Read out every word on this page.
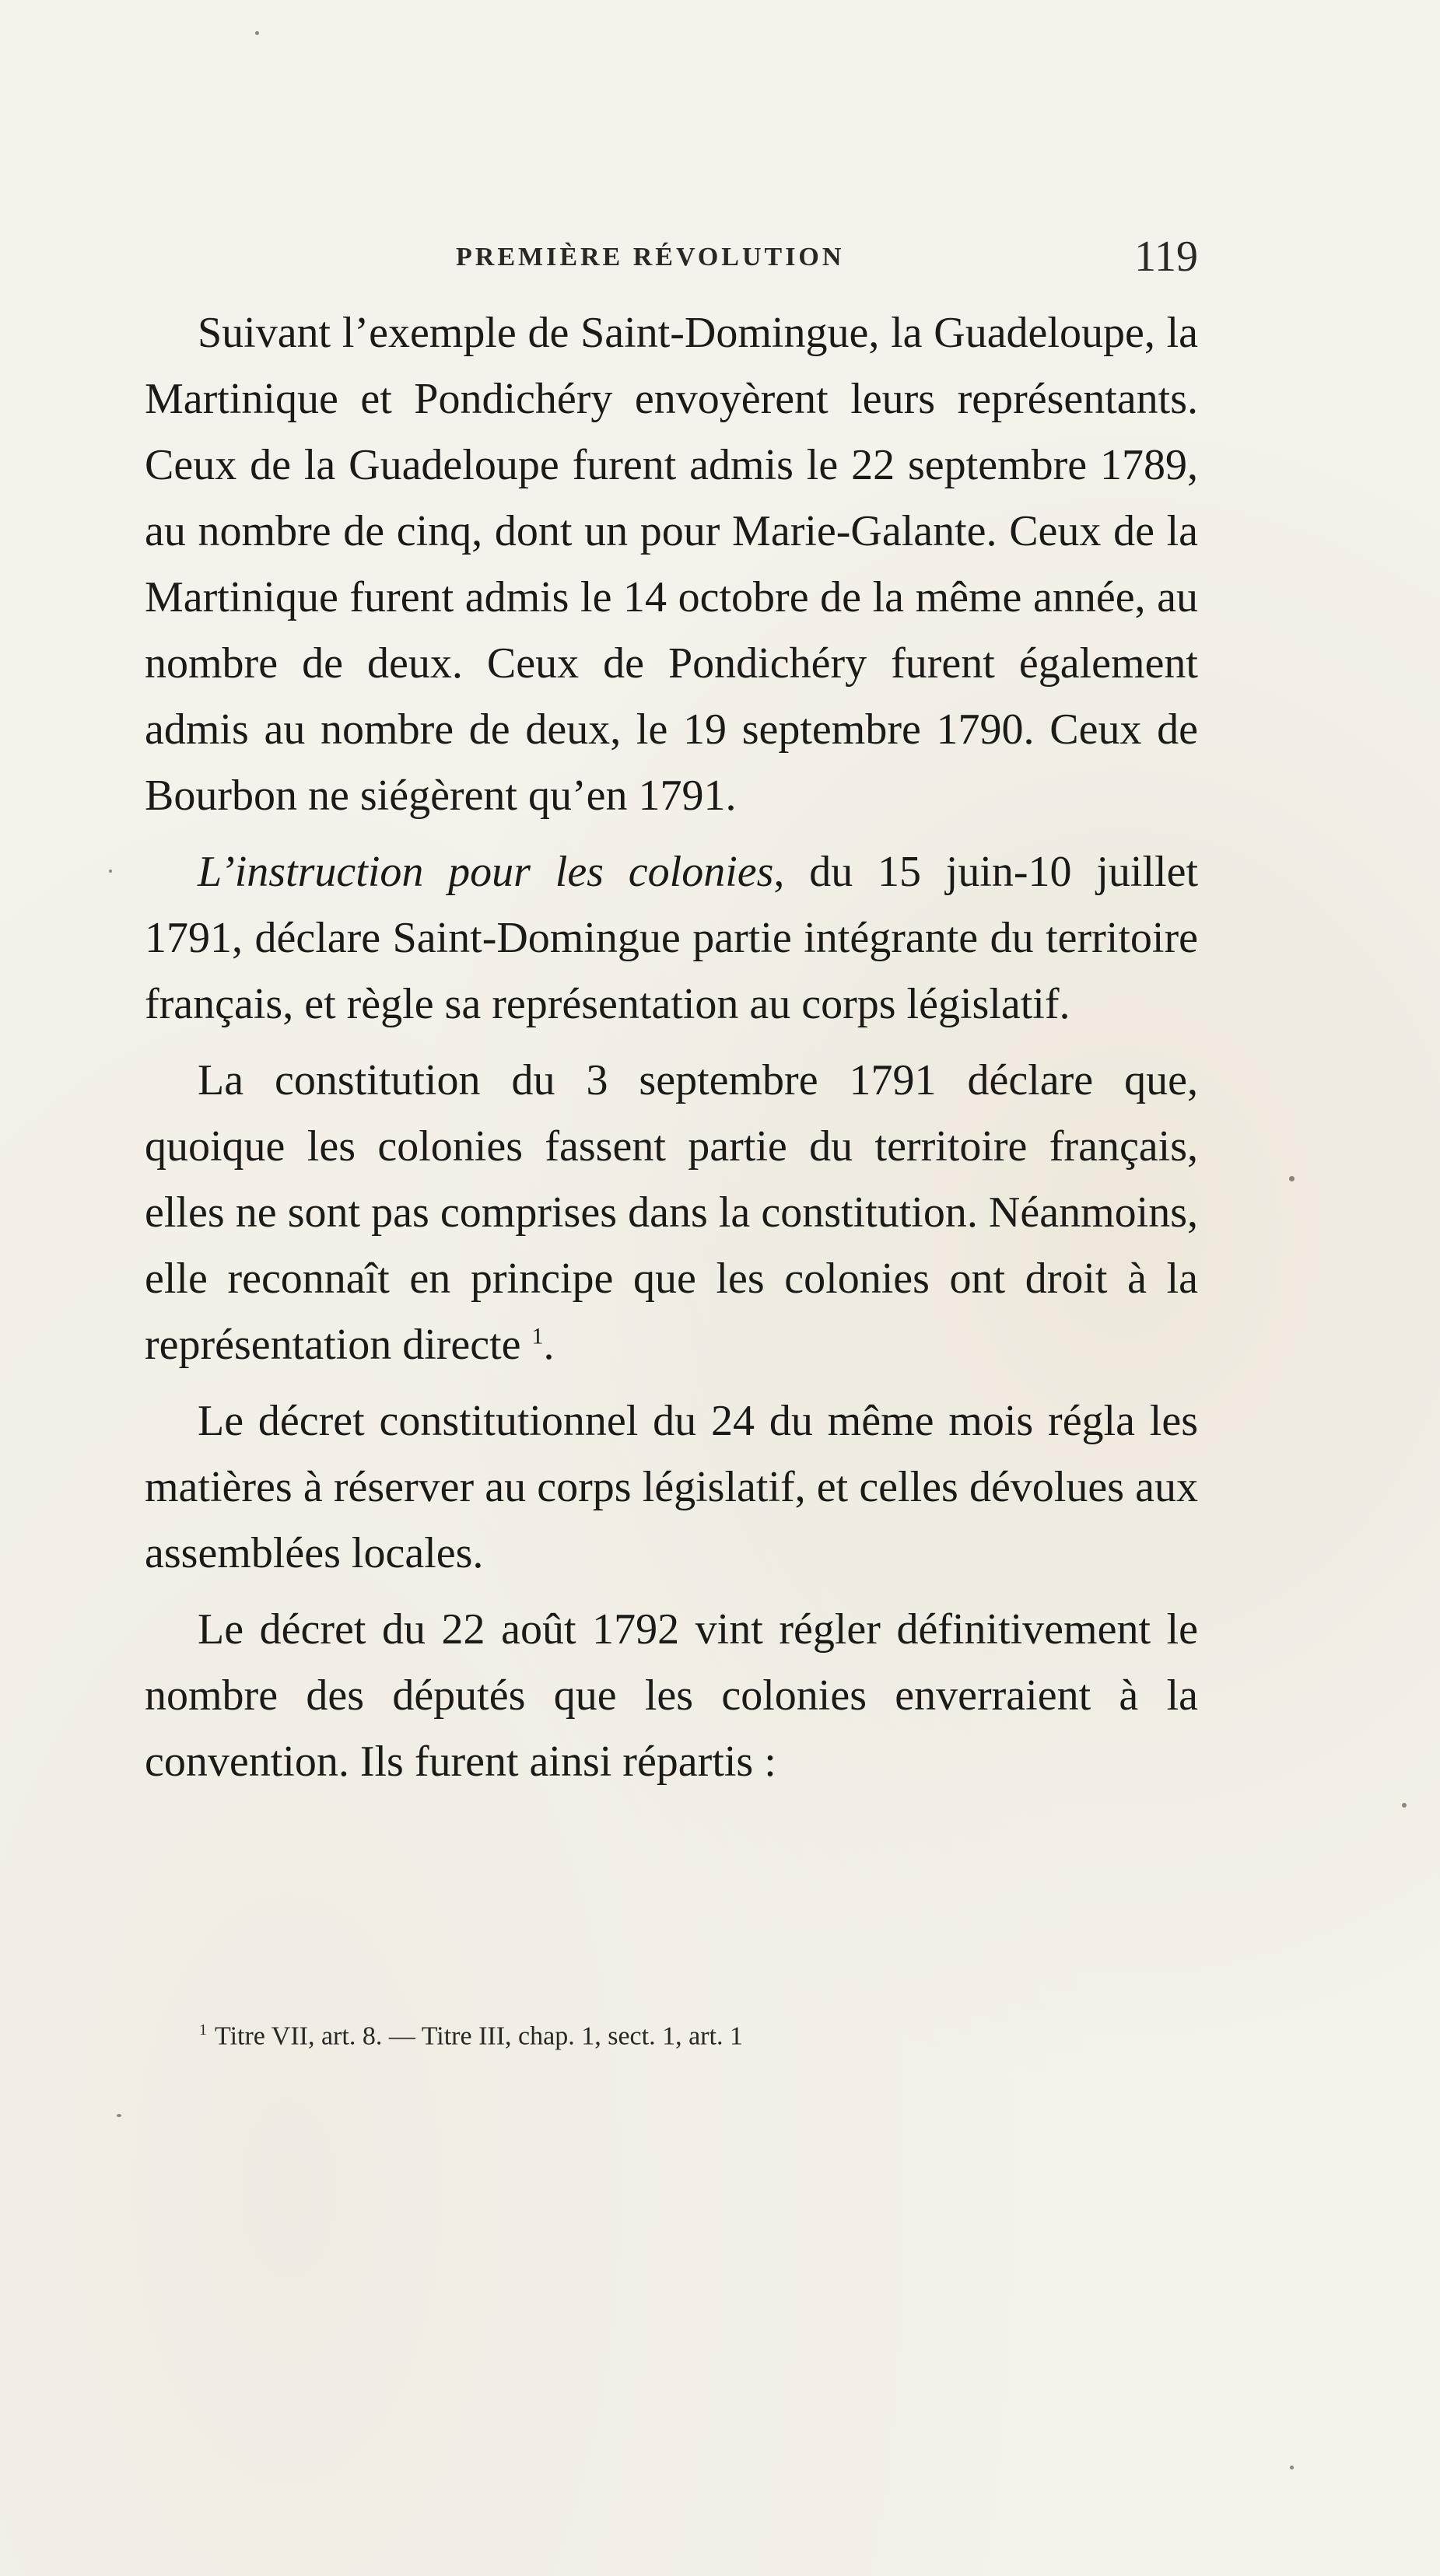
PREMIÈRE RÉVOLUTION	119

Suivant l’exemple de Saint-Domingue, la Guadeloupe, la Martinique et Pondichéry envoyèrent leurs représentants. Ceux de la Guadeloupe furent admis le 22 septembre 1789, au nombre de cinq, dont un pour Marie-Galante. Ceux de la Martinique furent admis le 14 octobre de la même année, au nombre de deux. Ceux de Pondichéry furent également admis au nombre de deux, le 19 septembre 1790. Ceux de Bourbon ne siégèrent qu’en 1791.

L’instruction pour les colonies, du 15 juin-10 juillet 1791, déclare Saint-Domingue partie intégrante du territoire français, et règle sa représentation au corps législatif.

La constitution du 3 septembre 1791 déclare que, quoique les colonies fassent partie du territoire français, elles ne sont pas comprises dans la constitution. Néanmoins, elle reconnaît en principe que les colonies ont droit à la représentation directe $^1$.

Le décret constitutionnel du 24 du même mois régla les matières à réserver au corps législatif, et celles dévolues aux assemblées locales.

Le décret du 22 août 1792 vint régler définitivement le nombre des députés que les colonies enverraient à la convention. Ils furent ainsi répartis :

$^1$ Titre VII, art. 8. — Titre III, chap. 1, sect. 1, art. 1
